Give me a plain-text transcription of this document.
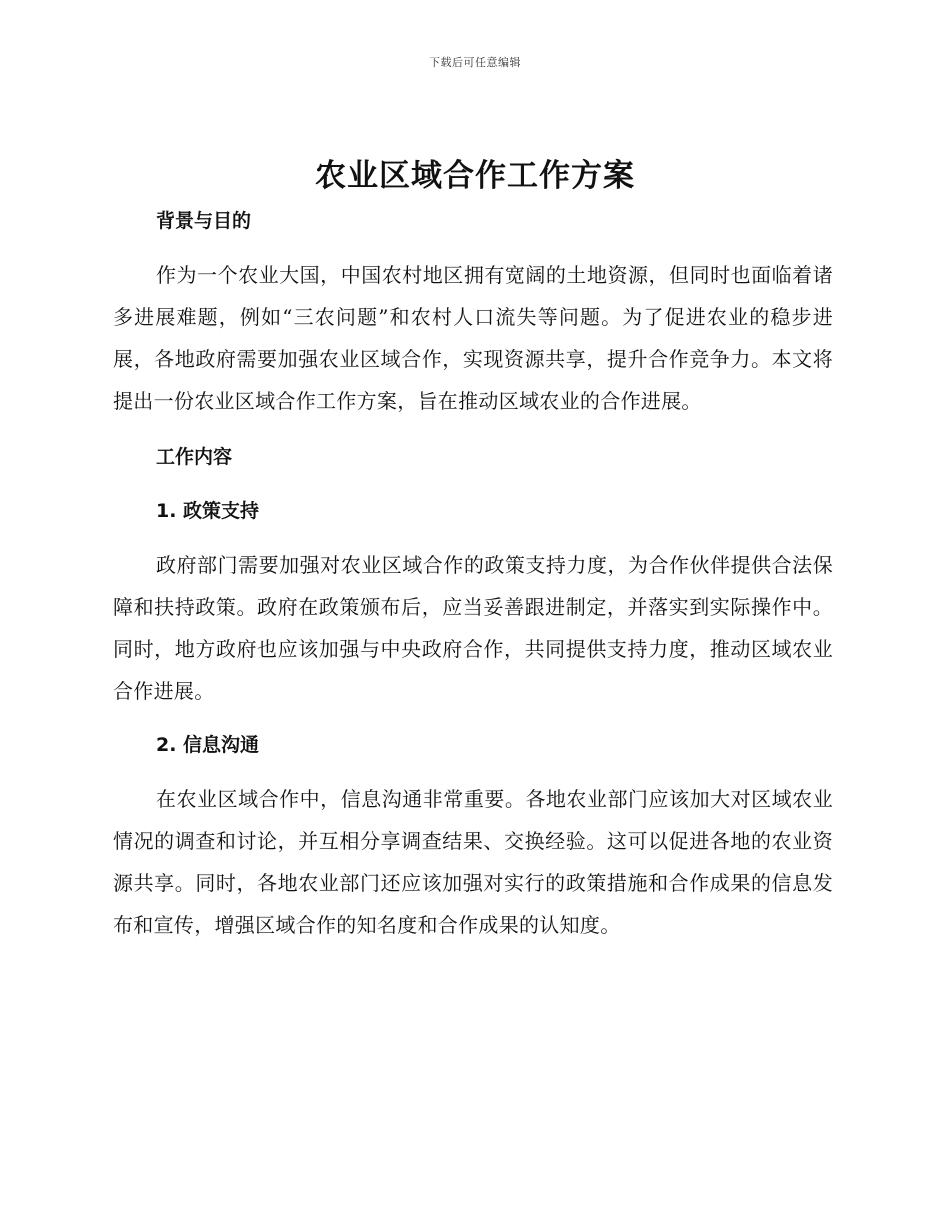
下载后可任意编辑
农业区域合作工作方案
背景与目的

作为一个农业大国，中国农村地区拥有宽阔的土地资源，但同时也面临着诸多进展难题，例如“三农问题”和农村人口流失等问题。为了促进农业的稳步进展，各地政府需要加强农业区域合作，实现资源共享，提升合作竞争力。本文将提出一份农业区域合作工作方案，旨在推动区域农业的合作进展。

工作内容
1. 政策支持

政府部门需要加强对农业区域合作的政策支持力度，为合作伙伴提供合法保障和扶持政策。政府在政策颁布后，应当妥善跟进制定，并落实到实际操作中。同时，地方政府也应该加强与中央政府合作，共同提供支持力度，推动区域农业合作进展。

2. 信息沟通

在农业区域合作中，信息沟通非常重要。各地农业部门应该加大对区域农业情况的调查和讨论，并互相分享调查结果、交换经验。这可以促进各地的农业资源共享。同时，各地农业部门还应该加强对实行的政策措施和合作成果的信息发布和宣传，增强区域合作的知名度和合作成果的认知度。
